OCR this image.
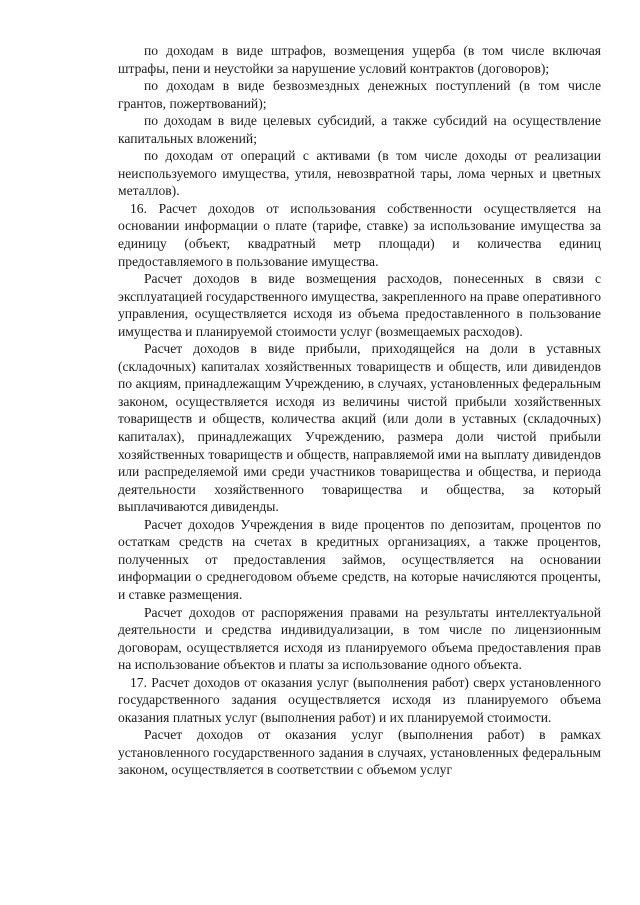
по доходам в виде штрафов, возмещения ущерба (в том числе включая штрафы, пени и неустойки за нарушение условий контрактов (договоров);

по доходам в виде безвозмездных денежных поступлений (в том числе грантов, пожертвований);

по доходам в виде целевых субсидий, а также субсидий на осуществление капитальных вложений;

по доходам от операций с активами (в том числе доходы от реализации неиспользуемого имущества, утиля, невозвратной тары, лома черных и цветных металлов).

16. Расчет доходов от использования собственности осуществляется на основании информации о плате (тарифе, ставке) за использование имущества за единицу (объект, квадратный метр площади) и количества единиц предоставляемого в пользование имущества.

Расчет доходов в виде возмещения расходов, понесенных в связи с эксплуатацией государственного имущества, закрепленного на праве оперативного управления, осуществляется исходя из объема предоставленного в пользование имущества и планируемой стоимости услуг (возмещаемых расходов).

Расчет доходов в виде прибыли, приходящейся на доли в уставных (складочных) капиталах хозяйственных товариществ и обществ, или дивидендов по акциям, принадлежащим Учреждению, в случаях, установленных федеральным законом, осуществляется исходя из величины чистой прибыли хозяйственных товариществ и обществ, количества акций (или доли в уставных (складочных) капиталах), принадлежащих Учреждению, размера доли чистой прибыли хозяйственных товариществ и обществ, направляемой ими на выплату дивидендов или распределяемой ими среди участников товарищества и общества, и периода деятельности хозяйственного товарищества и общества, за который выплачиваются дивиденды.

Расчет доходов Учреждения в виде процентов по депозитам, процентов по остаткам средств на счетах в кредитных организациях, а также процентов, полученных от предоставления займов, осуществляется на основании информации о среднегодовом объеме средств, на которые начисляются проценты, и ставке размещения.

Расчет доходов от распоряжения правами на результаты интеллектуальной деятельности и средства индивидуализации, в том числе по лицензионным договорам, осуществляется исходя из планируемого объема предоставления прав на использование объектов и платы за использование одного объекта.

17. Расчет доходов от оказания услуг (выполнения работ) сверх установленного государственного задания осуществляется исходя из планируемого объема оказания платных услуг (выполнения работ) и их планируемой стоимости.

Расчет доходов от оказания услуг (выполнения работ) в рамках установленного государственного задания в случаях, установленных федеральным законом, осуществляется в соответствии с объемом услуг
